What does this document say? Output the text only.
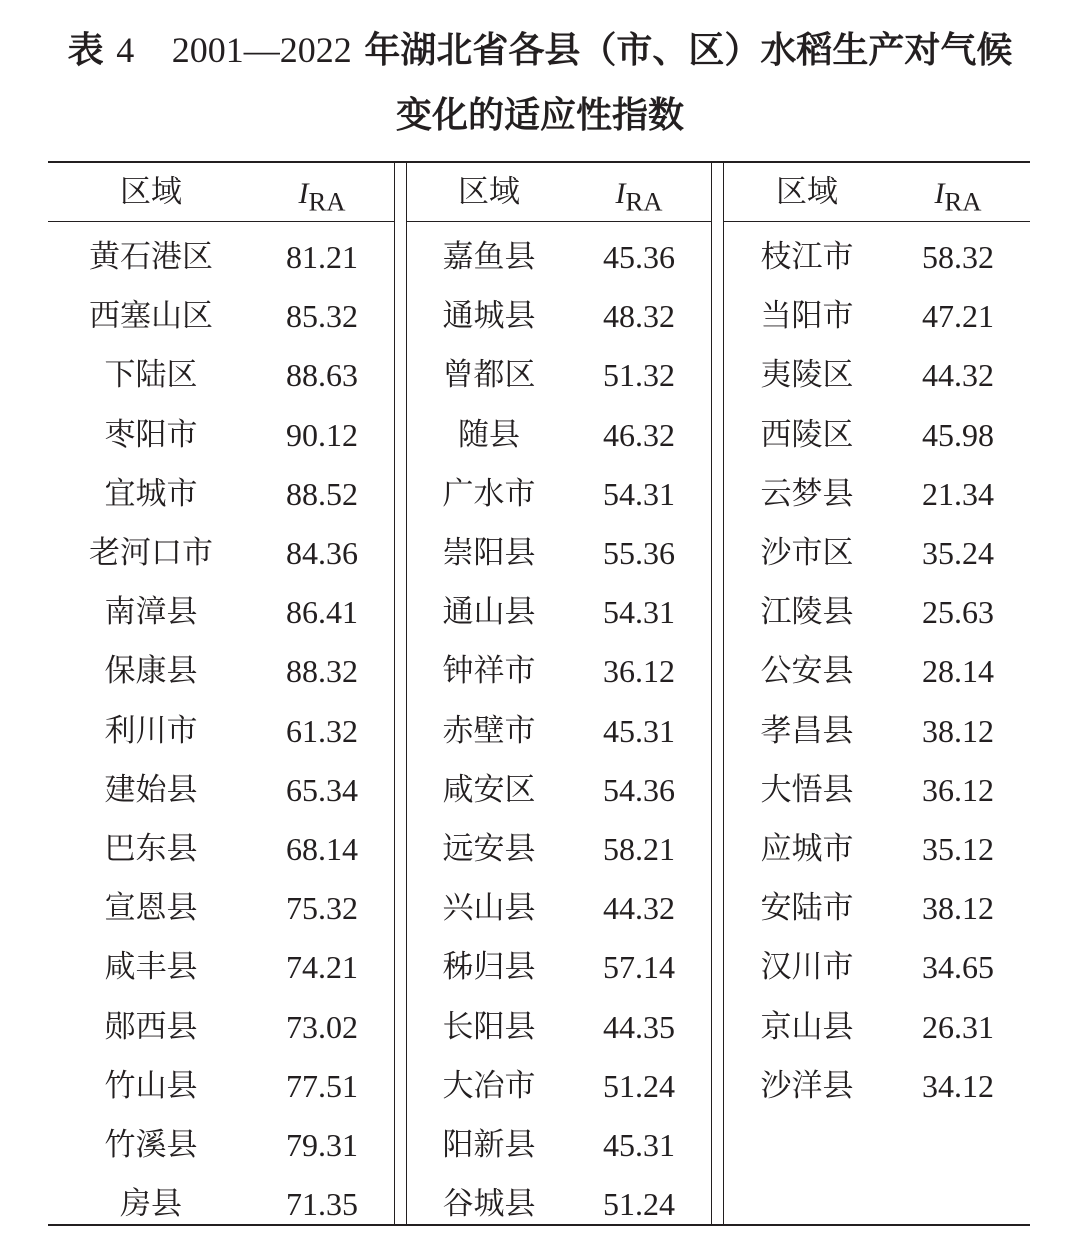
表 4 2001—2022 年湖北省各县（市、区）水稻生产对气候
变化的适应性指数
区域	$I_{RA}$
黄石港区	81.21
西塞山区	85.32
下陆区	88.63
枣阳市	90.12
宜城市	88.52
老河口市	84.36
南漳县	86.41
保康县	88.32
利川市	61.32
建始县	65.34
巴东县	68.14
宣恩县	75.32
咸丰县	74.21
郧西县	73.02
竹山县	77.51
竹溪县	79.31
房县	71.35
区域	$I_{RA}$
嘉鱼县	45.36
通城县	48.32
曾都区	51.32
随县	46.32
广水市	54.31
崇阳县	55.36
通山县	54.31
钟祥市	36.12
赤壁市	45.31
咸安区	54.36
远安县	58.21
兴山县	44.32
秭归县	57.14
长阳县	44.35
大冶市	51.24
阳新县	45.31
谷城县	51.24
区域	$I_{RA}$
枝江市	58.32
当阳市	47.21
夷陵区	44.32
西陵区	45.98
云梦县	21.34
沙市区	35.24
江陵县	25.63
公安县	28.14
孝昌县	38.12
大悟县	36.12
应城市	35.12
安陆市	38.12
汉川市	34.65
京山县	26.31
沙洋县	34.12
